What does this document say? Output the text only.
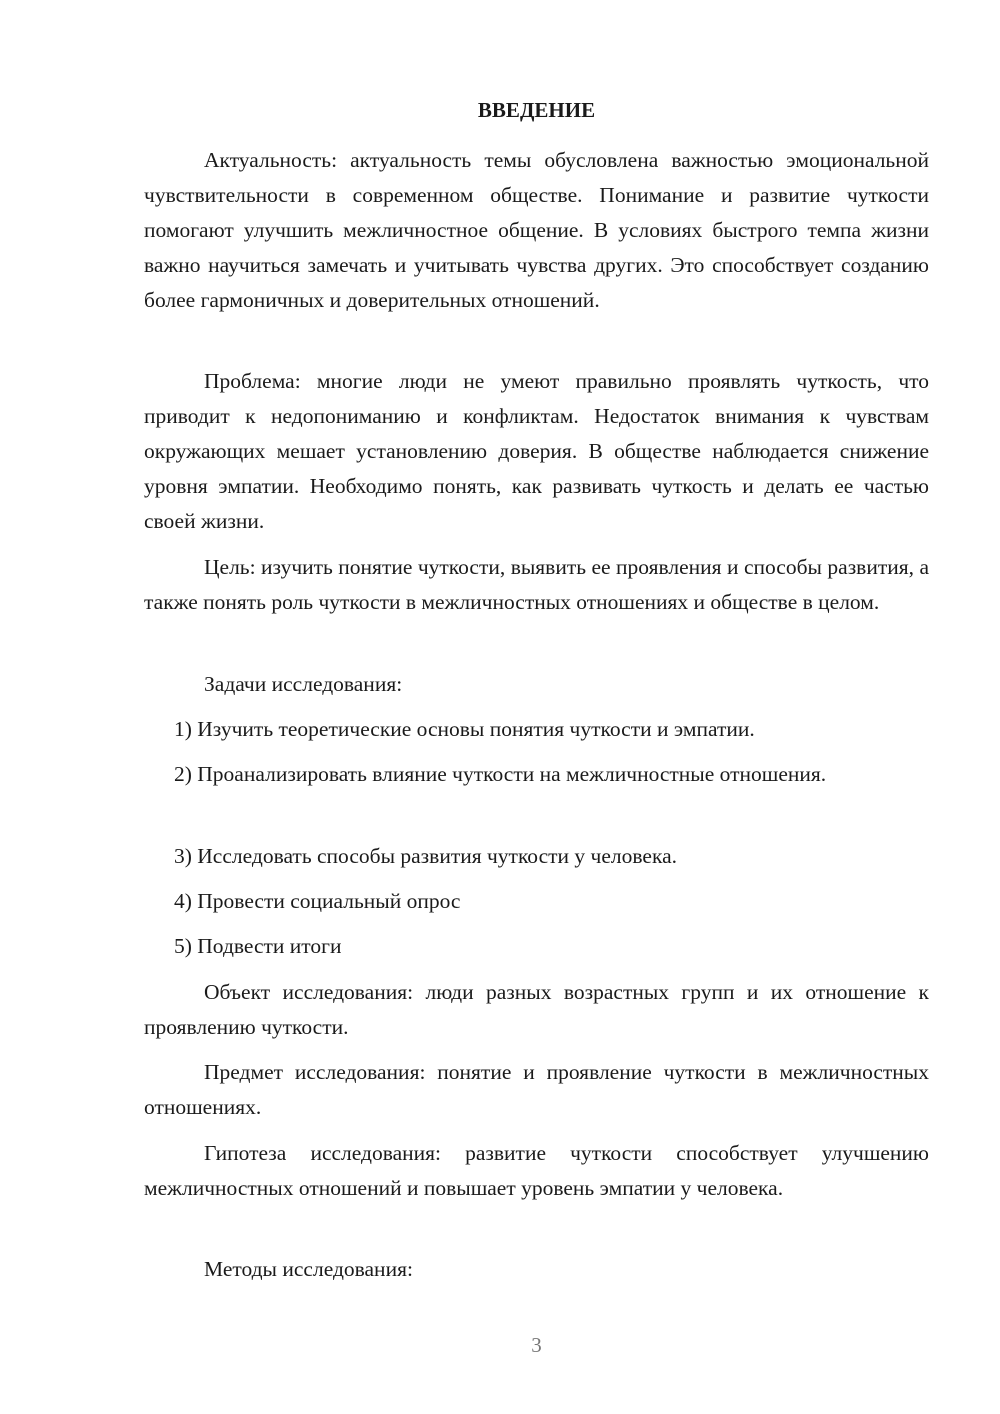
ВВЕДЕНИЕ

Актуальность: актуальность темы обусловлена важностью эмоциональной чувствительности в современном обществе. Понимание и развитие чуткости помогают улучшить межличностное общение. В условиях быстрого темпа жизни важно научиться замечать и учитывать чувства других. Это способствует созданию более гармоничных и доверительных отношений.

Проблема: многие люди не умеют правильно проявлять чуткость, что приводит к недопониманию и конфликтам. Недостаток внимания к чувствам окружающих мешает установлению доверия. В обществе наблюдается снижение уровня эмпатии. Необходимо понять, как развивать чуткость и делать ее частью своей жизни.

Цель: изучить понятие чуткости, выявить ее проявления и способы развития, а также понять роль чуткости в межличностных отношениях и обществе в целом.

Задачи исследования:

1) Изучить теоретические основы понятия чуткости и эмпатии.

2) Проанализировать влияние чуткости на межличностные отношения.

3) Исследовать способы развития чуткости у человека.

4) Провести социальный опрос

5) Подвести итоги

Объект исследования: люди разных возрастных групп и их отношение к проявлению чуткости.

Предмет исследования: понятие и проявление чуткости в межличностных отношениях.

Гипотеза исследования: развитие чуткости способствует улучшению межличностных отношений и повышает уровень эмпатии у человека.

Методы исследования:

3
